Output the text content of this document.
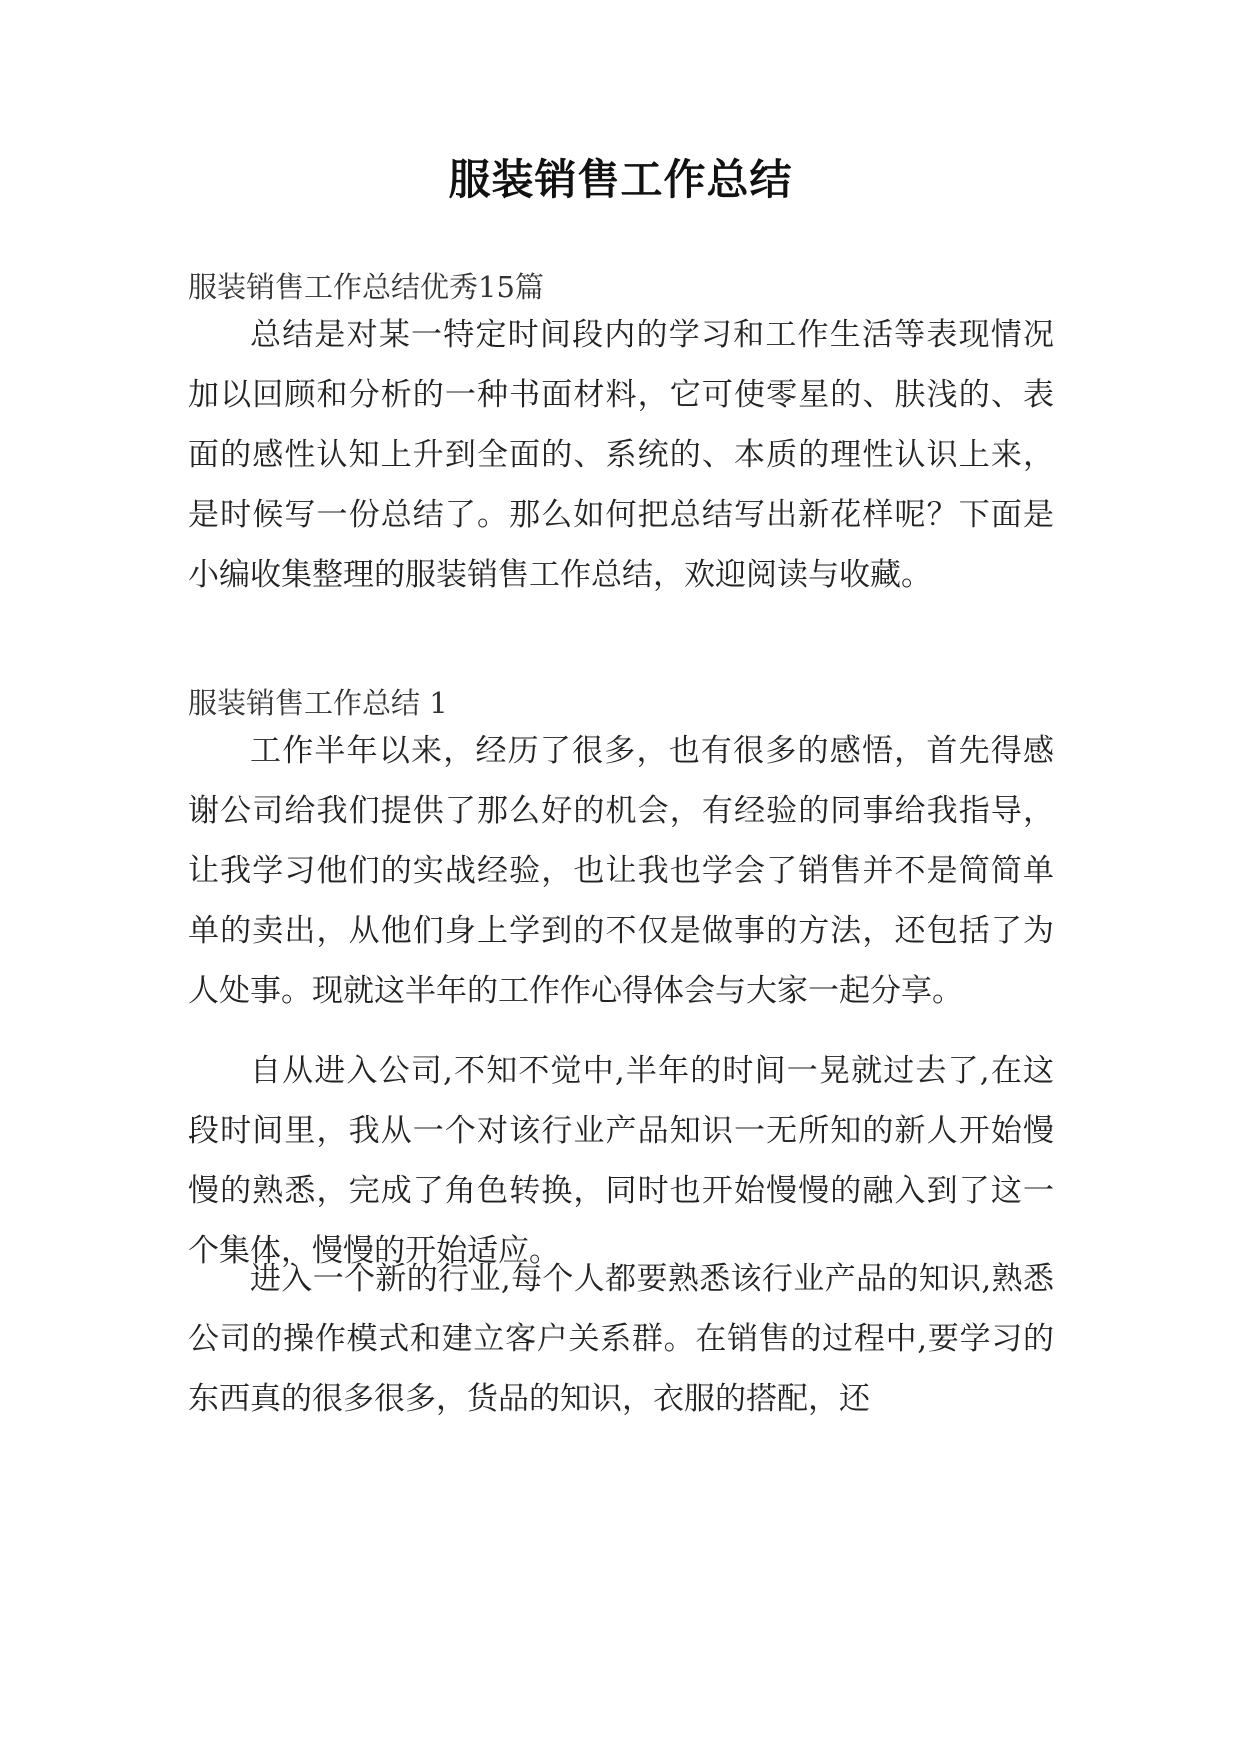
服装销售工作总结

服装销售工作总结优秀15篇

总结是对某一特定时间段内的学习和工作生活等表现情况加以回顾和分析的一种书面材料，它可使零星的、肤浅的、表面的感性认知上升到全面的、系统的、本质的理性认识上来，是时候写一份总结了。那么如何把总结写出新花样呢？下面是小编收集整理的服装销售工作总结，欢迎阅读与收藏。

服装销售工作总结 1

工作半年以来，经历了很多，也有很多的感悟，首先得感谢公司给我们提供了那么好的机会，有经验的同事给我指导，让我学习他们的实战经验，也让我也学会了销售并不是简简单单的卖出，从他们身上学到的不仅是做事的方法，还包括了为人处事。现就这半年的工作作心得体会与大家一起分享。

自从进入公司,不知不觉中,半年的时间一晃就过去了,在这段时间里，我从一个对该行业产品知识一无所知的新人开始慢慢的熟悉，完成了角色转换，同时也开始慢慢的融入到了这一个集体，慢慢的开始适应。

进入一个新的行业,每个人都要熟悉该行业产品的知识,熟悉公司的操作模式和建立客户关系群。在销售的过程中,要学习的东西真的很多很多，货品的知识，衣服的搭配，还
